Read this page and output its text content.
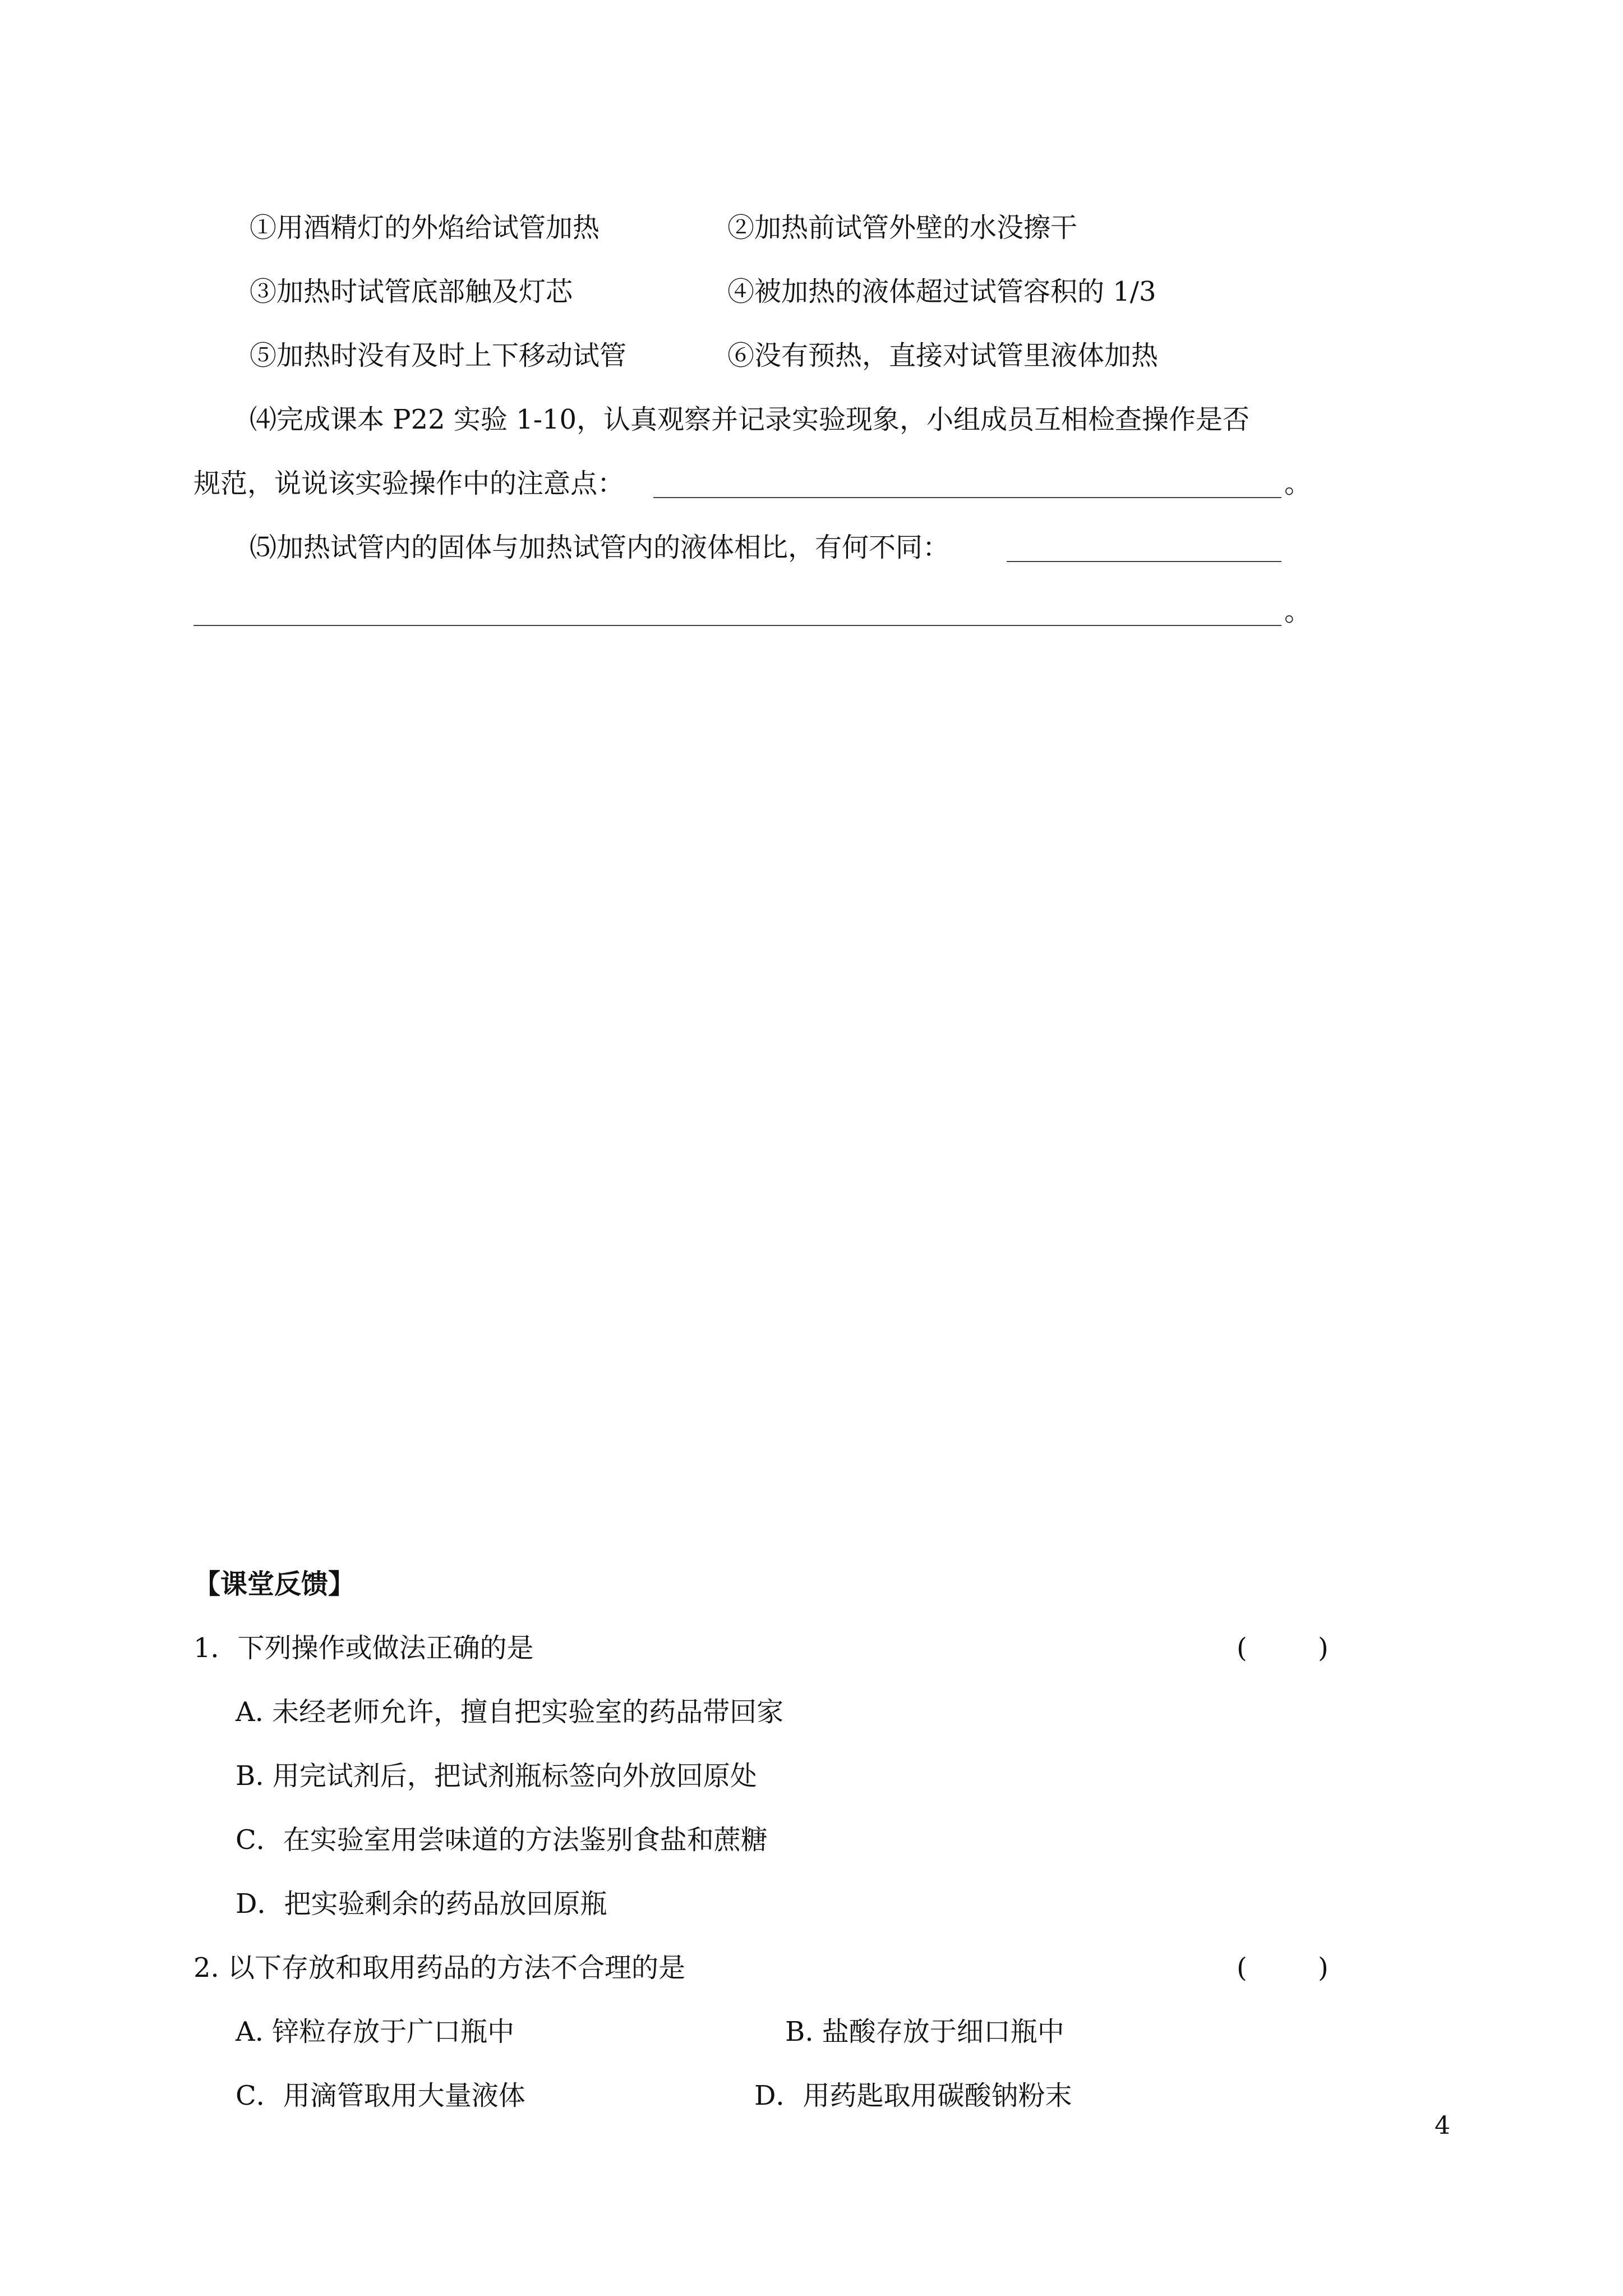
①用酒精灯的外焰给试管加热	②加热前试管外壁的水没擦干
③加热时试管底部触及灯芯	④被加热的液体超过试管容积的 1/3
⑤加热时没有及时上下移动试管	⑥没有预热，直接对试管里液体加热
⑷完成课本 P22 实验 1-10，认真观察并记录实验现象，小组成员互相检查操作是否
规范，说说该实验操作中的注意点：	。
⑸加热试管内的固体与加热试管内的液体相比，有何不同：
。
【课堂反馈】
1．下列操作或做法正确的是	(	)
A. 未经老师允许，擅自把实验室的药品带回家
B. 用完试剂后，把试剂瓶标签向外放回原处
C．在实验室用尝味道的方法鉴别食盐和蔗糖
D．把实验剩余的药品放回原瓶
2. 以下存放和取用药品的方法不合理的是	(	)
A. 锌粒存放于广口瓶中	B. 盐酸存放于细口瓶中
C．用滴管取用大量液体	D．用药匙取用碳酸钠粉末
4
